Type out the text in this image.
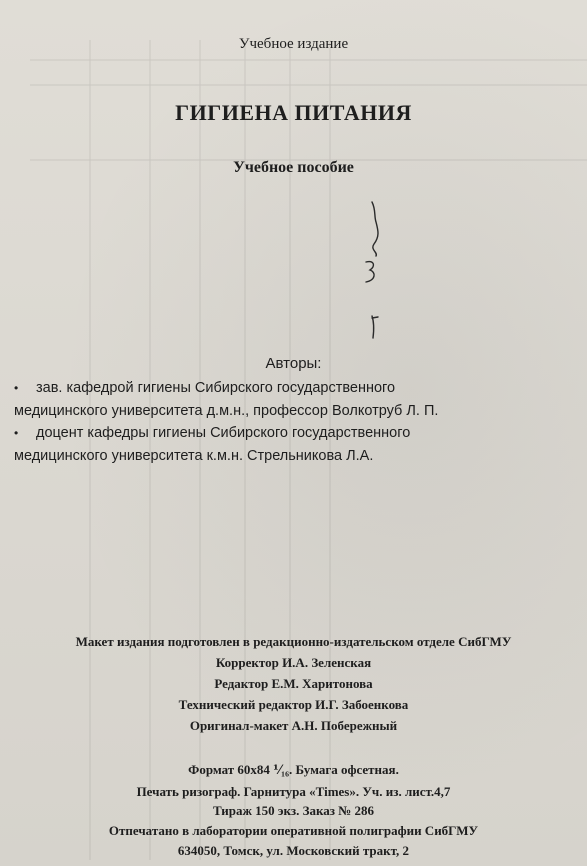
Учебное издание
ГИГИЕНА ПИТАНИЯ
Учебное пособие
Авторы:
• зав. кафедрой гигиены Сибирского государственного
медицинского университета д.м.н., профессор Волкотруб Л. П.
• доцент кафедры гигиены Сибирского государственного
медицинского университета к.м.н. Стрельникова Л.А.
Макет издания подготовлен в редакционно-издательском отделе СибГМУ
Корректор И.А. Зеленская
Редактор Е.М. Харитонова
Технический редактор И.Г. Забоенкова
Оригинал-макет А.Н. Побережный
Формат 60x84 ⅟₁₆. Бумага офсетная.
Печать ризограф. Гарнитура «Times». Уч. из. лист.4,7
Тираж 150 экз. Заказ № 286
Отпечатано в лаборатории оперативной полиграфии СибГМУ
634050, Томск, ул. Московский тракт, 2
